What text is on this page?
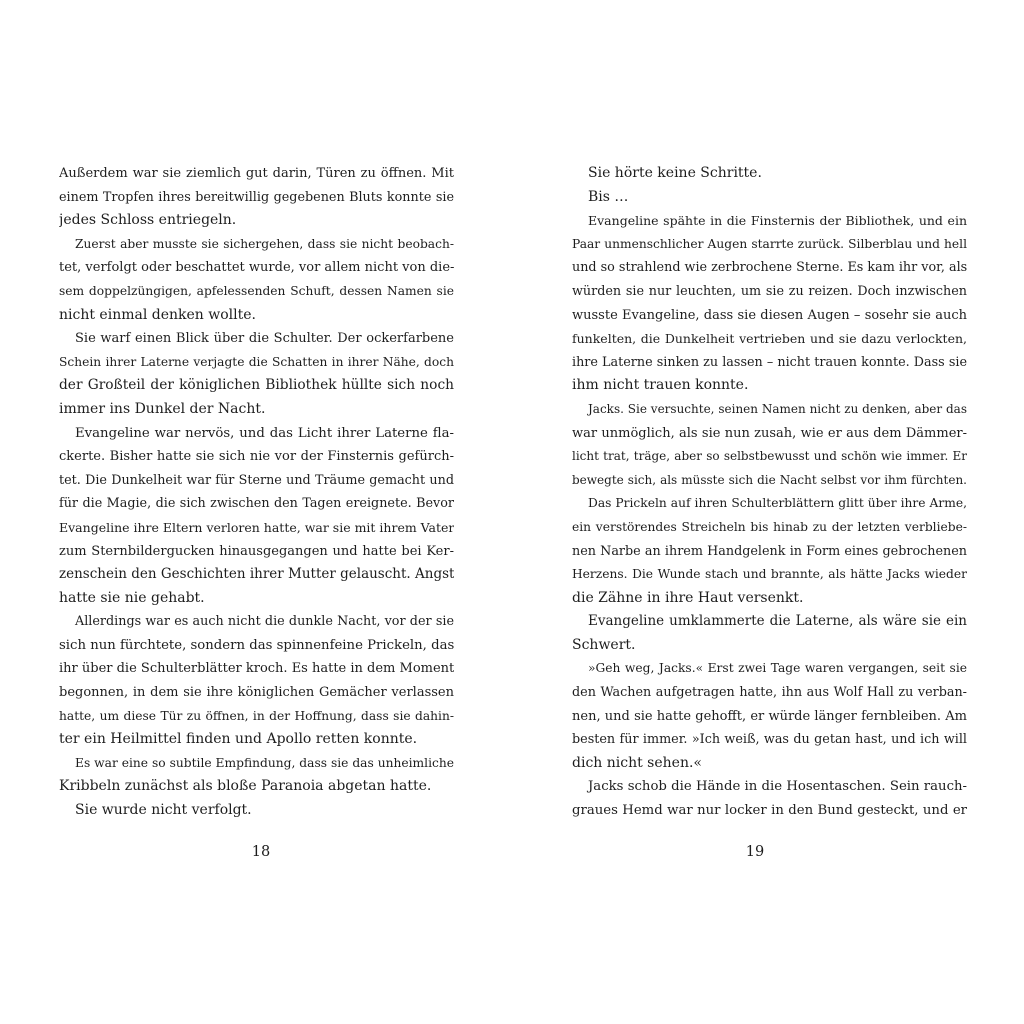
Außerdem war sie ziemlich gut darin, Türen zu öffnen. Mit
einem Tropfen ihres bereitwillig gegebenen Bluts konnte sie
jedes Schloss entriegeln.
Zuerst aber musste sie sichergehen, dass sie nicht beobach-
tet, verfolgt oder beschattet wurde, vor allem nicht von die-
sem doppelzüngigen, apfelessenden Schuft, dessen Namen sie
nicht einmal denken wollte.
Sie warf einen Blick über die Schulter. Der ockerfarbene
Schein ihrer Laterne verjagte die Schatten in ihrer Nähe, doch
der Großteil der königlichen Bibliothek hüllte sich noch
immer ins Dunkel der Nacht.
Evangeline war nervös, und das Licht ihrer Laterne fla-
ckerte. Bisher hatte sie sich nie vor der Finsternis gefürch-
tet. Die Dunkelheit war für Sterne und Träume gemacht und
für die Magie, die sich zwischen den Tagen ereignete. Bevor
Evangeline ihre Eltern verloren hatte, war sie mit ihrem Vater
zum Sternbildergucken hinausgegangen und hatte bei Ker-
zenschein den Geschichten ihrer Mutter gelauscht. Angst
hatte sie nie gehabt.
Allerdings war es auch nicht die dunkle Nacht, vor der sie
sich nun fürchtete, sondern das spinnenfeine Prickeln, das
ihr über die Schulterblätter kroch. Es hatte in dem Moment
begonnen, in dem sie ihre königlichen Gemächer verlassen
hatte, um diese Tür zu öffnen, in der Hoffnung, dass sie dahin-
ter ein Heilmittel finden und Apollo retten konnte.
Es war eine so subtile Empfindung, dass sie das unheimliche
Kribbeln zunächst als bloße Paranoia abgetan hatte.
Sie wurde nicht verfolgt.
Sie hörte keine Schritte.
Bis …
Evangeline spähte in die Finsternis der Bibliothek, und ein
Paar unmenschlicher Augen starrte zurück. Silberblau und hell
und so strahlend wie zerbrochene Sterne. Es kam ihr vor, als
würden sie nur leuchten, um sie zu reizen. Doch inzwischen
wusste Evangeline, dass sie diesen Augen – sosehr sie auch
funkelten, die Dunkelheit vertrieben und sie dazu verlockten,
ihre Laterne sinken zu lassen – nicht trauen konnte. Dass sie
ihm nicht trauen konnte.
Jacks. Sie versuchte, seinen Namen nicht zu denken, aber das
war unmöglich, als sie nun zusah, wie er aus dem Dämmer-
licht trat, träge, aber so selbstbewusst und schön wie immer. Er
bewegte sich, als müsste sich die Nacht selbst vor ihm fürchten.
Das Prickeln auf ihren Schulterblättern glitt über ihre Arme,
ein verstörendes Streicheln bis hinab zu der letzten verbliebe-
nen Narbe an ihrem Handgelenk in Form eines gebrochenen
Herzens. Die Wunde stach und brannte, als hätte Jacks wieder
die Zähne in ihre Haut versenkt.
Evangeline umklammerte die Laterne, als wäre sie ein
Schwert.
»Geh weg, Jacks.« Erst zwei Tage waren vergangen, seit sie
den Wachen aufgetragen hatte, ihn aus Wolf Hall zu verban-
nen, und sie hatte gehofft, er würde länger fernbleiben. Am
besten für immer. »Ich weiß, was du getan hast, und ich will
dich nicht sehen.«
Jacks schob die Hände in die Hosentaschen. Sein rauch-
graues Hemd war nur locker in den Bund gesteckt, und er
18	19
